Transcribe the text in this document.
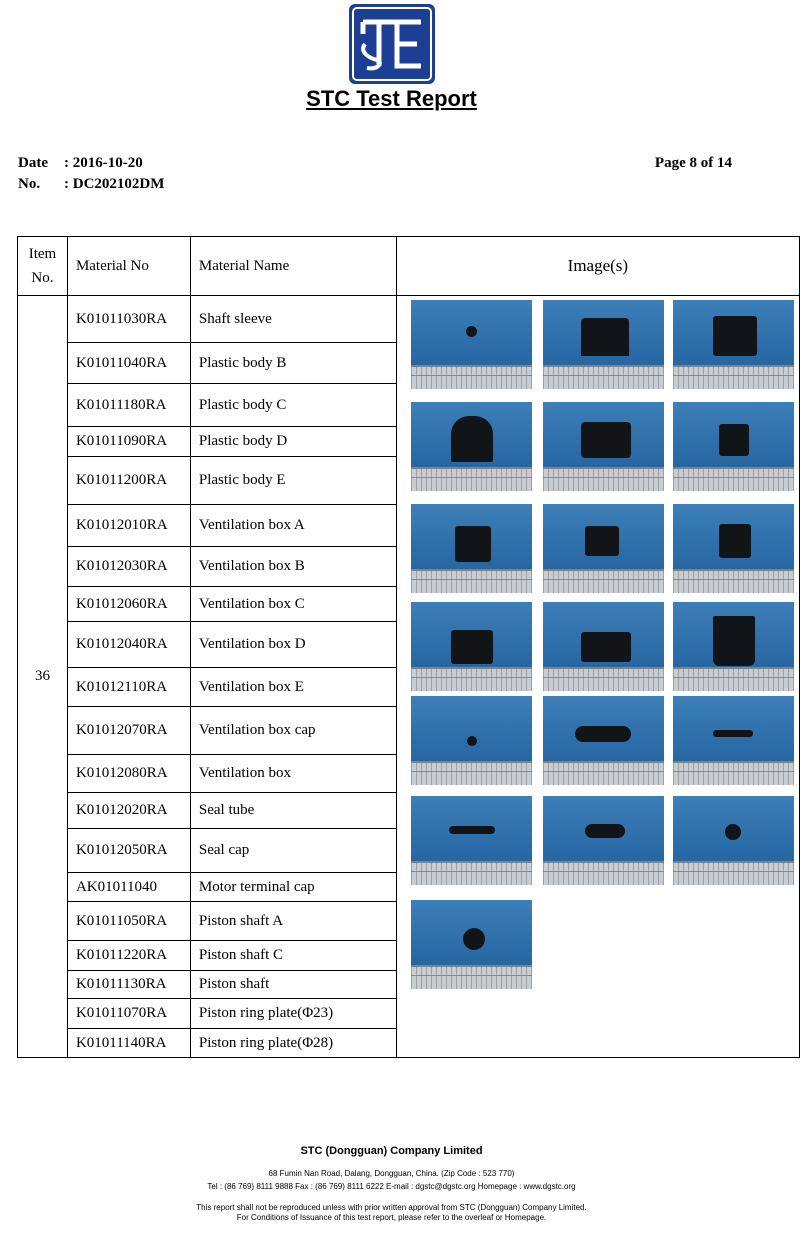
STC Test Report
Date : 2016-10-20
No. : DC202102DM
Page 8 of 14
Item
No.	Material No	Material Name	Image(s)
36	K01011030RA	Shaft sleeve	

	K01011040RA	Plastic body B	
	K01011180RA	Plastic body C	
	K01011090RA	Plastic body D	
	K01011200RA	Plastic body E	
	K01012010RA	Ventilation box A	
	K01012030RA	Ventilation box B	
	K01012060RA	Ventilation box C	
	K01012040RA	Ventilation box D	
	K01012110RA	Ventilation box E	
	K01012070RA	Ventilation box cap	
	K01012080RA	Ventilation box	
	K01012020RA	Seal tube	
	K01012050RA	Seal cap	
	AK01011040	Motor terminal cap	
	K01011050RA	Piston shaft A	
	K01011220RA	Piston shaft C	
	K01011130RA	Piston shaft	
	K01011070RA	Piston ring plate(Φ23)	
	K01011140RA	Piston ring plate(Φ28)	
STC (Dongguan) Company Limited
68 Fumin Nan Road, Dalang, Dongguan, China. (Zip Code : 523 770)
Tel : (86 769) 8111 9888 Fax : (86 769) 8111 6222 E-mail : dgstc@dgstc.org Homepage : www.dgstc.org
This report shall not be reproduced unless with prior written approval from STC (Dongguan) Company Limited.
For Conditions of Issuance of this test report, please refer to the overleaf or Homepage.
